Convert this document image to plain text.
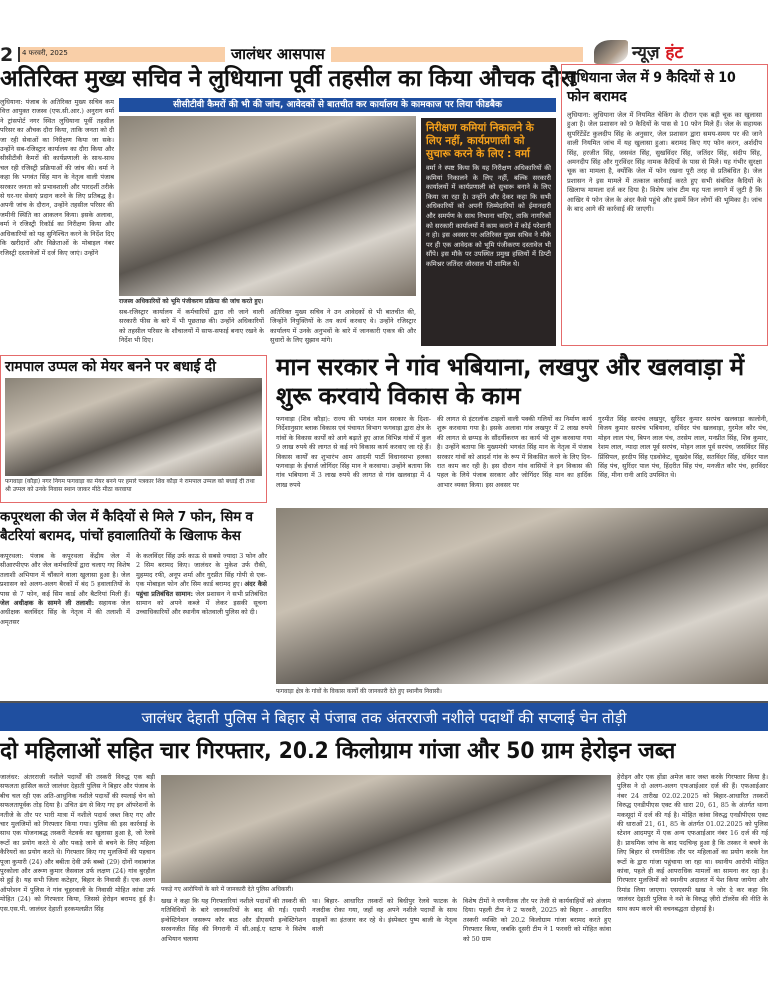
2 4 फरवरी, 2025	जालंधर आसपास	न्यूज़ हंट
अतिरिक्त मुख्य सचिव ने लुधियाना पूर्वी तहसील का किया औचक दौरा
लुधियाना: पंजाब के अतिरिक्त मुख्य सचिव कम वित्त आयुक्त राजस्व (एफ.सी.आर.) अनुराग वर्मा ने ट्रांसपोर्ट नगर स्थित लुधियाना पूर्वी तहसील परिसर का औचक दौरा किया, ताकि जनता को दी जा रही सेवाओं का निरीक्षण किया जा सके। उन्होंने सब-रजिस्ट्रार कार्यालय का दौरा किया और सीसीटीवी कैमरों की कार्यप्रणाली के साथ-साथ चल रही रजिस्ट्री प्रक्रियाओं की जांच की। वर्मा ने कहा कि भगवंत सिंह मान के नेतृत्व वाली पंजाब सरकार जनता को प्रभावशाली और पारदर्शी तरीके से घर-घर सेवाएं प्रदान करने के लिए प्रतिबद्ध है। अपनी जांच के दौरान, उन्होंने तहसील परिसर की जमीनी स्थिति का आकलन किया। इसके अलावा, वर्मा ने रजिस्ट्री रिकॉर्ड का निरीक्षण किया और अधिकारियों को यह सुनिश्चित करने के निर्देश दिए कि खरीदारों और विक्रेताओं के मोबाइल नंबर रजिस्ट्री दस्तावेजों में दर्ज किए जाएं। उन्होंने
सीसीटीवी कैमरों की भी की जांच, आवेदकों से बातचीत कर कार्यालय के कामकाज पर लिया फीडबैक
राजस्व अधिकारियों को भूमि पंजीकरण प्रक्रिया की जांच करते हुए।
सब-रजिस्ट्रार कार्यालय में कर्मचारियों द्वारा ली जाने वाली सरकारी फीस के बारे में भी पूछताछ की। उन्होंने अधिकारियों को तहसील परिसर के शौचालयों में साफ-सफाई बनाए रखने के निर्देश भी दिए।
अतिरिक्त मुख्य सचिव ने उन आवेदकों से भी बातचीत की, जिन्होंने नियुक्तियों के तय कार्य करवाए थे। उन्होंने रजिस्ट्रार कार्यालय में उनके अनुभवों के बारे में जानकारी एकत्र की और सुधारों के लिए सुझाव मांगे।
निरीक्षण कमियां निकालने के लिए नहीं, कार्यप्रणाली को सुचारू करने के लिए : वर्मा
वर्मा ने स्पष्ट किया कि यह निरीक्षण अधिकारियों की कमियां निकालने के लिए नहीं, बल्कि सरकारी कार्यालयों में कार्यप्रणाली को सुचारू बनाने के लिए किया जा रहा है। उन्होंने और देकर कहा कि सभी अधिकारियों को अपनी जिम्मेदारियों को ईमानदारी और समर्पण के साथ निभाना चाहिए, ताकि नागरिकों को सरकारी कार्यालयों में काम कराने में कोई परेशानी न हो। इस अवसर पर अतिरिक्त मुख्य सचिव ने मौके पर ही एक आवेदक को भूमि पंजीकरण दस्तावेज भी सौंपे। इस मौके पर उपस्थित प्रमुख हस्तियों में डिप्टी कमिश्नर जतिंदर जोरवाल भी शामिल थे।
लुधियाना जेल में 9 कैदियों से 10 फोन बरामद
लुधियाना: लुधियाना जेल में नियमित चेकिंग के दौरान एक बड़ी चूक का खुलासा हुआ है। जेल प्रशासन को 9 कैदियों के पास से 10 फोन मिले हैं। जेल के सहायक सुपरिंटेंडेंट कुलदीप सिंह के अनुसार, जेल प्रशासन द्वारा समय-समय पर की जाने वाली नियमित जांच में यह खुलासा हुआ। बरामद किए गए फोन करन, अर्शदीप सिंह, हरजीत सिंह, जसवंत सिंह, सुखविंदर सिंह, जतिंदर सिंह, संदीप सिंह, अमनदीप सिंह और गुरविंदर सिंह नामक कैदियों के पास से मिले। यह गंभीर सुरक्षा चूक का मामला है, क्योंकि जेल में फोन रखना पूरी तरह से प्रतिबंधित है। जेल प्रशासन ने इस मामले में तत्काल कार्रवाई करते हुए सभी संबंधित कैदियों के खिलाफ मामला दर्ज कर दिया है। विशेष जांच टीम यह पता लगाने में जुटी है कि आखिर ये फोन जेल के अंदर कैसे पहुंचे और इसमें किन लोगों की भूमिका है। जांच के बाद आगे की कार्रवाई की जाएगी।
रामपाल उप्पल को मेयर बनने पर बधाई दी
फगवाड़ा (कौड़ा) नगर निगम फगवाड़ा का मेयर बनने पर हमारे पत्रकार शिव कौड़ा ने रामपाल उप्पल को बधाई दी तथा श्री उप्पल को उनके निवास स्थान जाकर मीठे मीठा करवाया
मान सरकार ने गांव भबियाना, लखपुर और खलवाड़ा में शुरू करवाये विकास के काम
फगवाड़ा (शिव कौड़ा): राज्य की भगवंत मान सरकार के दिशा-निर्देशानुसार ब्लाक विकास एवं पंचायत विभाग फगवाड़ा द्वारा क्षेत्र के गांवों के विकास कार्यों को आगे बढ़ाते हुए आज विभिन्न गांवों में कुल 9 लाख रुपये की लागत से कई नये विकास कार्य करवाए जा रहे हैं। विकास कार्यों का शुभारंभ आम आदमी पार्टी विधानसभा हलका फगवाड़ा के ईंचार्ज जोगिंदर सिंह मान ने करवाया। उन्होंने बताया कि गांव भबियाना में 3 लाख रुपये की लागत से गांव खलवाड़ा में 4 लाख रुपये
की लागत से इंटरलॉक टाइलों वाली पक्की गलियों का निर्माण कार्य शुरू करवाया गया है। इसके अलावा गांव लखपुर में 2 लाख रुपये की लागत से छप्पड़ के सौंदर्यीकरण का कार्य भी शुरू करवाया गया है। उन्होंने बताया कि मुख्यमंत्री भगवंत सिंह मान के नेतृत्व में पंजाब सरकार गांवों को आदर्श गांव के रूप में विकसित करने के लिए दिन-रात काम कर रही है। इस दौरान गांव वासियों ने इन विकास की पहल के लिये पंजाब सरकार और जोगिंदर सिंह मान का हार्दिक आभार व्यक्त किया। इस अवसर पर
गुरमीत सिंह सरपंच लखपुर, सुरिंदर कुमार सरपंच खलवाड़ा कालोनी, विजय कुमार सरपंच भबियाना, दविंदर पंच खलवाड़ा, गुरमेल कौर पंच, मोहन लाल पंच, बिपन लाल पंच, तरसेम लाल, मनप्रीत सिंह, शिव कुमार, रेशम लाल, न्यादा लाल पूर्व सरपंच, मोहन लाल पूर्व सरपंच, जसविंदर सिंह प्रिंसिपल, हरदीप सिंह एडवोकेट, सुखदेव सिंह, सतविंदर सिंह, दविंदर पाल सिंह पंच, सुरिंदर पाल पंच, हिंदरीत सिंह पंच, मनजीत कौर पंच, हरविंदर सिंह, मीना रानी आदि उपस्थित थे।
फगवाड़ा क्षेत्र के गांवों के विकास कार्यों की जानकारी देते हुए स्थानीय निवासी।
कपूरथला की जेल में कैदियों से मिले 7 फोन, सिम व बैटरियां बरामद, पांचों हवालातियों के खिलाफ केस
कपूरथला: पंजाब के कपूरथला केंद्रीय जेल में सीआरपीएफ और जेल कर्मचारियों द्वारा चलाए गए विशेष तलाशी अभियान में चौंकाने वाला खुलासा हुआ है। जेल प्रशासन को अलग-अलग बैरकों में बंद 5 हवालातियों के पास से 7 फोन, कई सिम कार्ड और बैटरियां मिली हैं। जेल अधीक्षक के सामने ली तलाशी: सहायक जेल अधीक्षक बलविंदर सिंह के नेतृत्व में की तलाशी में अमृतसर
के कलविंदर सिंह उर्फ काऊ से सबसे ज्यादा 3 फोन और 2 सिम बरामद किए। जालंधर के मुकेश उर्फ रौकी, मुहम्मद रफी, अनूप शर्मा और गुरप्रीत सिंह गोपी से एक-एक मोबाइल फोन और सिम कार्ड बरामद हुए। अंदर कैसे पहुंचा प्रतिबंधित सामान: जेल प्रशासन ने सभी प्रतिबंधित सामान को अपने कब्जे में लेकर इसकी सूचना उच्चाधिकारियों और स्थानीय कोतवाली पुलिस को दी।
जालंधर देहाती पुलिस ने बिहार से पंजाब तक अंतरराजी नशीले पदार्थों की सप्लाई चेन तोड़ी
दो महिलाओं सहित चार गिरफ्तार, 20.2 किलोग्राम गांजा और 50 ग्राम हेरोइन जब्त
जालंधर: अंतरराजी नशीले पदार्थों की तस्करी विरुद्ध एक बड़ी सफलता हासिल करते जालंधर देहाती पुलिस ने बिहार और पंजाब के बीच चल रही एक अति-आधुनिक नशीले पदार्थों की स्पलाई चेन को सफलतापूर्वक तोड़ दिया है। उचित ढंग से किए गए इन ऑपरेशनों के नतीजे के तौर पर भारी मात्रा में नशीले पदार्थ जब्त किए गए और चार मुलजिमों को गिरफ्तार किया गया। पुलिस की इस कार्रवाई के साथ एक योजनाबद्ध तस्करी नेटवर्क का खुलासा हुआ है, जो रेलवे रूटों का प्रयोग करते थे और पकड़े जाने से बचने के लिए महिला कैरियरों का प्रयोग करते थे। गिरफ्तार किए गए मुलजिमों की पहचान पूजा कुमारी (24) और बबीता देवी उर्फ बब्बो (29) दोनों नवाबगंज पुरकोला और अरूण कुमार जैसवाल उर्फ लक्षण (24) गांव बुरहौल से हुई है। यह सभी जिला कटेहार, बिहार के निवासी हैं। एक अलग ऑपरेशन में पुलिस ने गांव चूहरवाली के निवासी मोहित कांवा उर्फ मोहित (24) को गिरफ्तार किया, जिससे हेरोइन बरामद हुई है। एस.एस.पी. जालंधर देहाती हरकमलप्रीत सिंह
पकड़े गए आरोपियों के बारे में जानकारी देते पुलिस अधिकारी।
खख ने कहा कि यह गिरफ्तारियां नशीले पदार्थों की तस्करी की गतिविधियों के बारे जानकारियों के बाद की गईं। एसपी इन्वेस्टिगेशन जसरूप कौर बाठ और डीएसपी इन्वेस्टिगेशन सरवनजीत सिंह की निगरानी में सी.आई.ए स्टाफ ने विशेष अभियान चलाया
था। बिहार- आधारित तस्करों को बिधीपुर रेलवे फाटक के नजदीक रोका गया, जहाँ वह अपने नशीले पदार्थों के साथ ग्राहकों का इंतजार कर रहे थे। इंस्पेक्टर पुष्प बाली के नेतृत्व वाली
विशेष टीमों ने रणनीतक तौर पर तेजी से कार्यवाहियों को अंजाम दिया। पहली टीम ने 2 फरवरी, 2025 को बिहार - आधारित तस्करी व्यक्ति को 20.2 किलोग्राम गांजा बरामद करते हुए गिरफ्तार किया, जबकि दूसरी टीम ने 1 फरवरी को मोहित कांवा को 50 ग्राम
हेरोइन और एक होंडा अमेज कार जब्त करके गिरफ्तार किया है। पुलिस ने दो अलग-अलग एफआईआर दर्ज की हैं। एफआईआर नंबर 24 तारीख 02.02.2025 को बिहार-आधारित तस्करों विरुद्ध एनडीपीएस एक्ट की धारा 20, 61, 85 के अंतर्गत थाना मकसूदां में दर्ज की गई है। मोहित कांवा विरुद्ध एनडीपीएस एक्ट की धाराओं 21, 61, 85 के अंतर्गत 01.02.2025 को पुलिस स्टेशन आदमपुर में एक अन्य एफआईआर नंबर 16 दर्ज की गई है। प्राथमिक जांच के बाद पदचिन्ह हुआ है कि तस्कर ने बचने के लिए बिहार से रणनीतिक तौर पर महिलाओं का प्रयोग करके रेल रूटों के द्वारा गांजा पहुंचाया जा रहा था। स्थानीय आरोपी मोहित कांवा, पहले ही कई आपराधिक मामलों का सामना कर रहा है। गिरफ्तार मुलजिमों को स्थानीय अदालत में पेश किया जायेगा और रिमांड लिया जाएगा। एसएसपी खख ने जोर दे कर कहा कि जालंधर देहाती पुलिस ने नशे के विरुद्ध ज़ीरो टॉलरेंस की नीति के साथ काम करने की वचनबद्धता दोहराई है।
